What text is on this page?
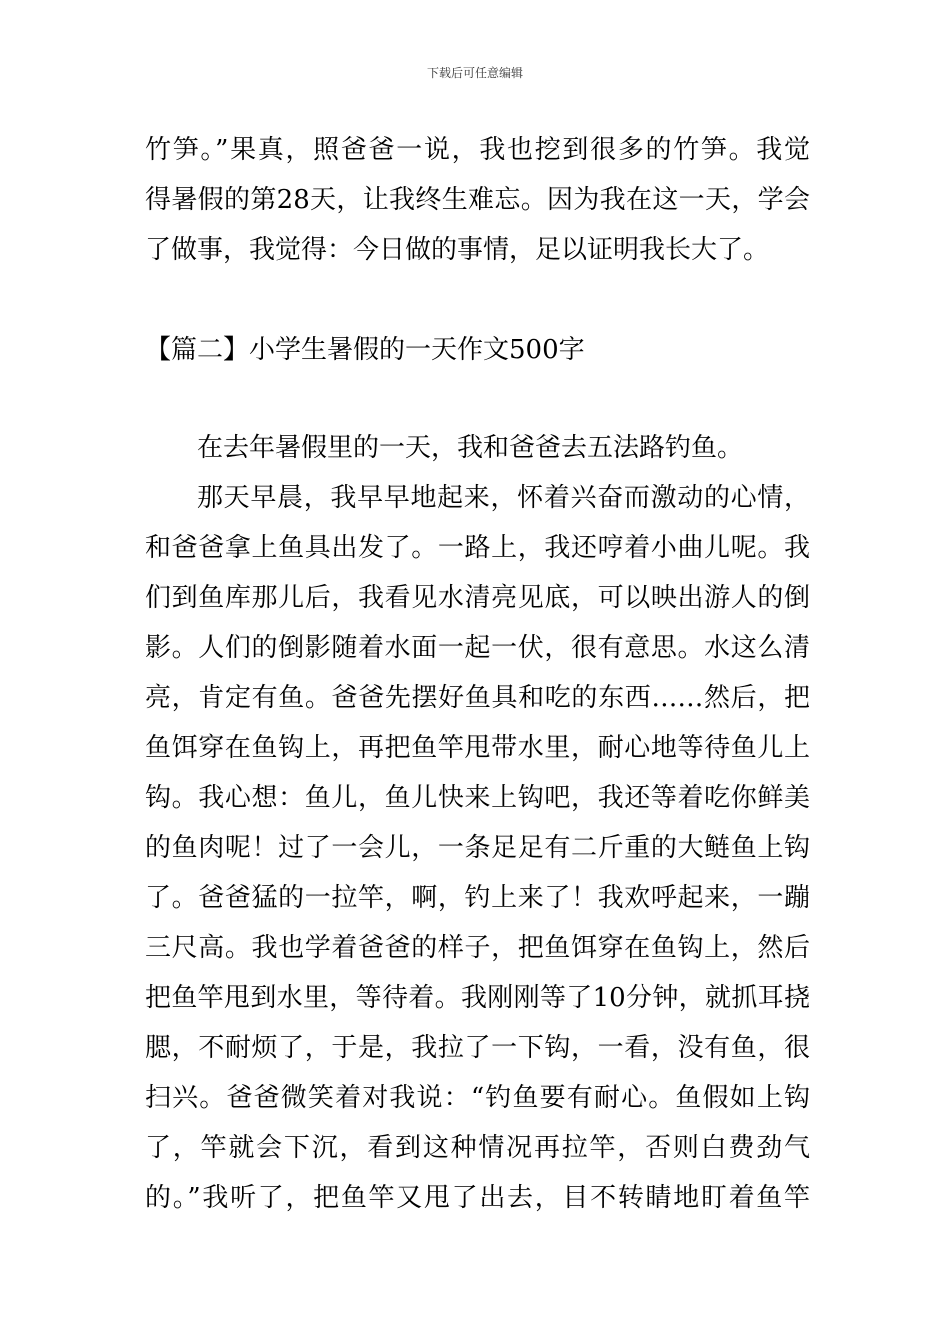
下载后可任意编辑
竹笋。”果真，照爸爸一说，我也挖到很多的竹笋。我觉
得暑假的第28天，让我终生难忘。因为我在这一天，学会
了做事，我觉得：今日做的事情，足以证明我长大了。
【篇二】小学生暑假的一天作文500字
在去年暑假里的一天，我和爸爸去五法路钓鱼。
那天早晨，我早早地起来，怀着兴奋而激动的心情，
和爸爸拿上鱼具出发了。一路上，我还哼着小曲儿呢。我
们到鱼库那儿后，我看见水清亮见底，可以映出游人的倒
影。人们的倒影随着水面一起一伏，很有意思。水这么清
亮，肯定有鱼。爸爸先摆好鱼具和吃的东西……然后，把
鱼饵穿在鱼钩上，再把鱼竿甩带水里，耐心地等待鱼儿上
钩。我心想：鱼儿，鱼儿快来上钩吧，我还等着吃你鲜美
的鱼肉呢！过了一会儿，一条足足有二斤重的大鲢鱼上钩
了。爸爸猛的一拉竿，啊，钓上来了！我欢呼起来，一蹦
三尺高。我也学着爸爸的样子，把鱼饵穿在鱼钩上，然后
把鱼竿甩到水里，等待着。我刚刚等了10分钟，就抓耳挠
腮，不耐烦了，于是，我拉了一下钩，一看，没有鱼，很
扫兴。爸爸微笑着对我说：“钓鱼要有耐心。鱼假如上钩
了，竿就会下沉，看到这种情况再拉竿，否则白费劲气
的。”我听了，把鱼竿又甩了出去，目不转睛地盯着鱼竿
